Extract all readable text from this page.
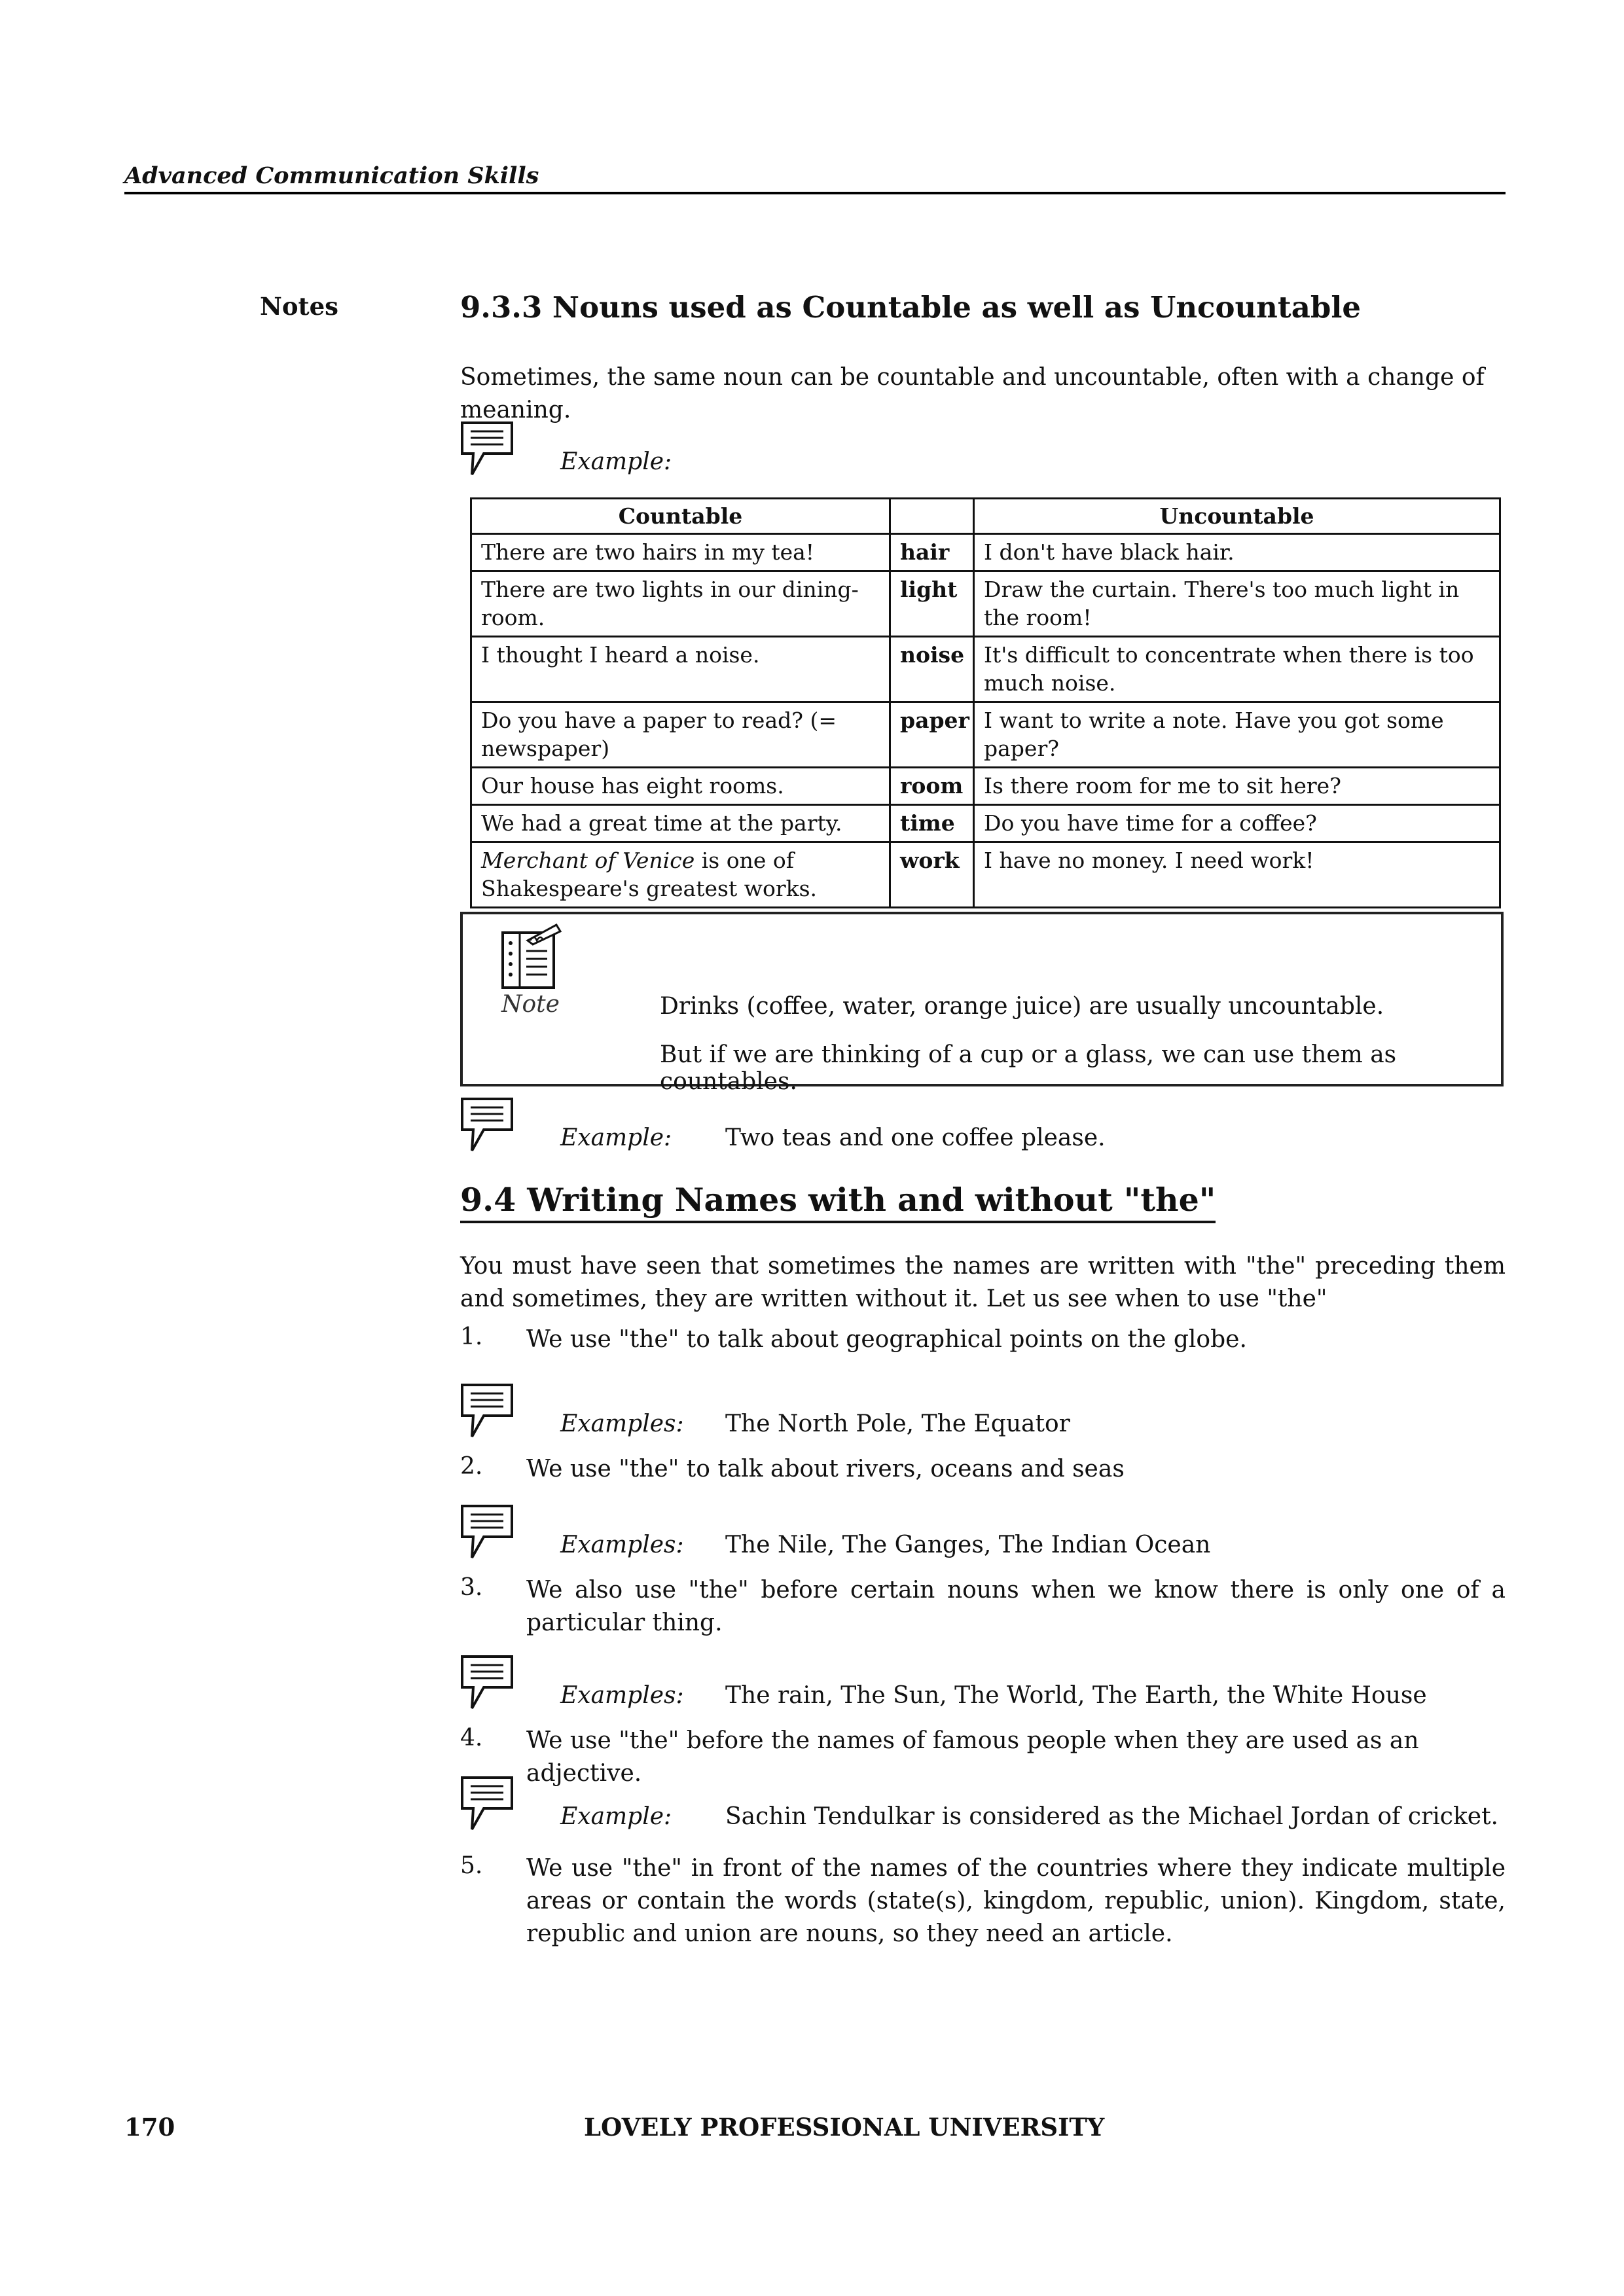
Advanced Communication Skills
Notes	9.3.3 Nouns used as Countable as well as Uncountable
Sometimes, the same noun can be countable and uncountable, often with a change of meaning.
Example:
Countable		Uncountable
There are two hairs in my tea!	hair	I don't have black hair.
There are two lights in our dining-room.	light	Draw the curtain. There's too much light in the room!
I thought I heard a noise.	noise	It's difficult to concentrate when there is too much noise.
Do you have a paper to read? (= newspaper)	paper	I want to write a note. Have you got some paper?
Our house has eight rooms.	room	Is there room for me to sit here?
We had a great time at the party.	time	Do you have time for a coffee?
Merchant of Venice is one of Shakespeare's greatest works.	work	I have no money. I need work!
Note	Drinks (coffee, water, orange juice) are usually uncountable.
But if we are thinking of a cup or a glass, we can use them as countables.
Example: Two teas and one coffee please.
9.4 Writing Names with and without "the"
You must have seen that sometimes the names are written with "the" preceding them and sometimes, they are written without it. Let us see when to use "the"
1. We use "the" to talk about geographical points on the globe.
Examples: The North Pole, The Equator
2. We use "the" to talk about rivers, oceans and seas
Examples: The Nile, The Ganges, The Indian Ocean
3. We also use "the" before certain nouns when we know there is only one of a particular thing.
Examples: The rain, The Sun, The World, The Earth, the White House
4. We use "the" before the names of famous people when they are used as an adjective.
Example: Sachin Tendulkar is considered as the Michael Jordan of cricket.
5. We use "the" in front of the names of the countries where they indicate multiple areas or contain the words (state(s), kingdom, republic, union). Kingdom, state, republic and union are nouns, so they need an article.
170	LOVELY PROFESSIONAL UNIVERSITY
